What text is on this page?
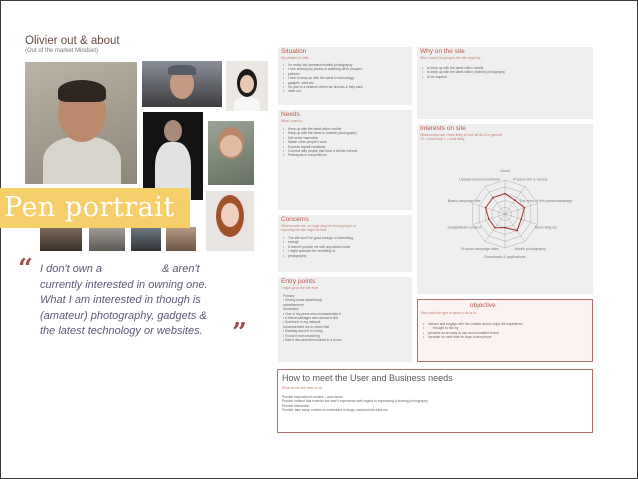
Olivier out & about
(Out of the market Mindset)
Pen portrait
“ I don't own a	& aren't
currently interested in owning one.
What I am interested in though is
(amateur) photography, gadgets &
the latest technology or websites.	”
Situation
My situation is that...
• I'm really into (amateur/mobile) photography
• I love sharing my photos & watching other people's
• pictures
• I love to keep up with the latest in technology,
• gadgets, sites etc.
• I'm part of a network where we discuss & help each
• other out
Needs
What I want is...
• Keep up with the latest within mobile
• Keep up with the latest in (mobile) photography
• Get some inspiration
• Watch other people's work
• Express myself creatively
• Connect with people that have a similar interest
• Participate in competitions
Concerns
What worries me, or might stop me from going to or
exploring the site might be that...
• The site won't be good enough or interesting
• enough
• It doesn't provide me with any added value
• I might question the credibility of
• photography
Entry points
I might go to the site from
Primary
• Seeing some advertising/
advertisement
Secondary
• One of my peers who recommended it
• A friend/colleague sent around a link
• Someone in my network
recommended me to check that
• Reading about it in a blog
• Found it from searching
• Saw it discussed/mentioned in a forum
Why on the site
Why I would be going to the site might be...
• to keep up with the latest within mobile
• to keep up with the latest within (mobile) photography
• to be inspired
Interests on site
What content am I most likely to look at! Be & in general
10 = most likely 1 = least likely
About
Product info & demos
The story of this phone/campaign
News blog etc
Mobile photography
Downloads & applications
Product campaign sites
Social/Media content
Brand campaign site
Upload content/contribute
objective
Why want the type of users to do is to...
• interact and engage with the content and to enjoy the experience,
• brought to him by
• perceive as an easy to use and innovative brand
• consider on next time he buys a new phone
How to meet the User and Business needs
What do the site need to do
Provide inspirational content – wow factor
Provide content that extends the user's experience with regard to expressing & sharing photography
Provide interaction
Provide 'take away' content to embedded in blogs, social media sites etc.
